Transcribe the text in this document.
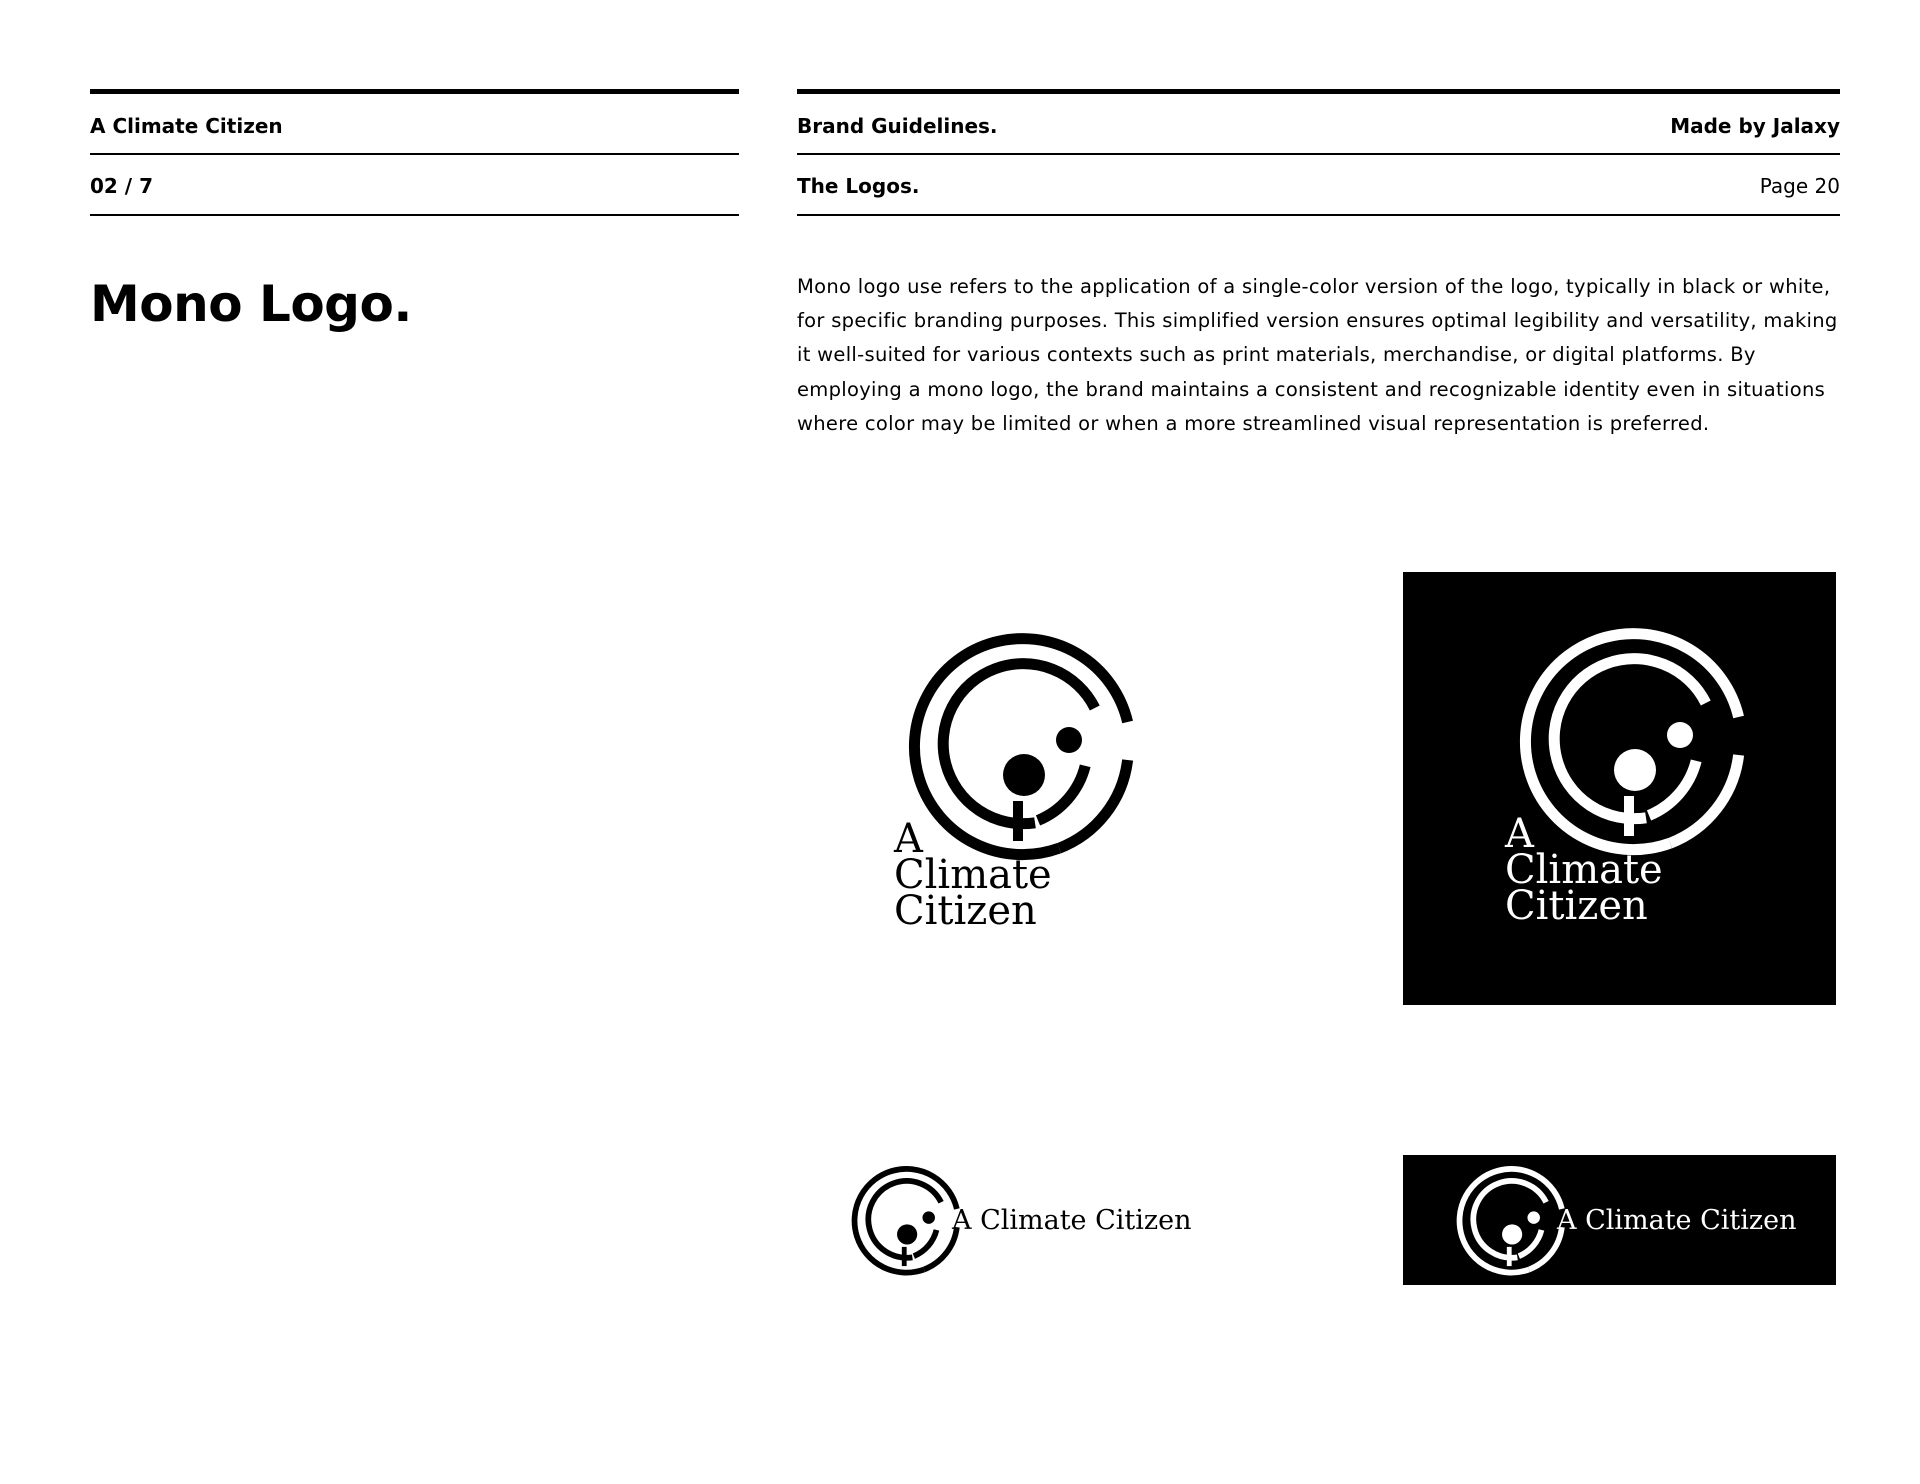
A Climate Citizen
02 / 7
Brand Guidelines.	Made by Jalaxy
The Logos.	Page 20
Mono Logo.	Mono logo use refers to the application of a single-color version of the logo, typically in black or white, for specific branding purposes. This simplified version ensures optimal legibility and versatility, making it well-suited for various contexts such as print materials, merchandise, or digital platforms. By employing a mono logo, the brand maintains a consistent and recognizable identity even in situations where color may be limited or when a more streamlined visual representation is preferred.
A
Climate
Citizen
A
Climate
Citizen
A Climate Citizen	A Climate Citizen
